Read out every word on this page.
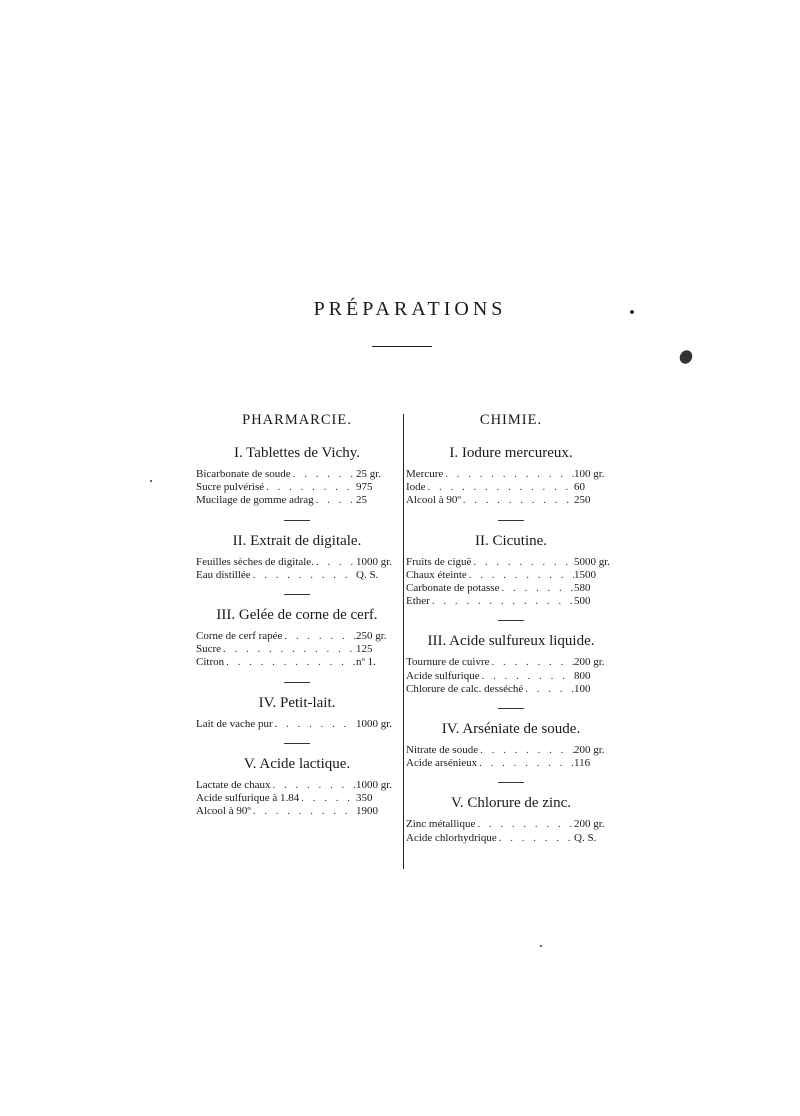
PRÉPARATIONS
PHARMARCIE.
I. Tablettes de Vichy.
Bicarbonate de soude . . .	25 gr.
Sucre pulvérisé . . .	975
Mucilage de gomme adrag . . .	25
II. Extrait de digitale.
Feuilles sèches de digitale. . . .	1000 gr.
Eau distillée . . .	Q. S.
III. Gelée de corne de cerf.
Corne de cerf rapée . . .	250 gr.
Sucre . . .	125
Citron . . .	nº 1.
IV. Petit-lait.
Lait de vache pur . . .	1000 gr.
V. Acide lactique.
Lactate de chaux . . .	1000 gr.
Acide sulfurique à 1.84 . . .	350
Alcool à 90º . . .	1900
CHIMIE.
I. Iodure mercureux.
Mercure . . .	100 gr.
Iode . . .	60
Alcool à 90º . . .	250
II. Cicutine.
Fruits de ciguë . . .	5000 gr.
Chaux éteinte . . .	1500
Carbonate de potasse . . .	580
Ether . . .	500
III. Acide sulfureux liquide.
Tournure de cuivre . . .	200 gr.
Acide sulfurique . . .	800
Chlorure de calc. desséché . . .	100
IV. Arséniate de soude.
Nitrate de soude . . .	200 gr.
Acide arsénieux . . .	116
V. Chlorure de zinc.
Zinc métallique . . .	200 gr.
Acide chlorhydrique . . .	Q. S.
